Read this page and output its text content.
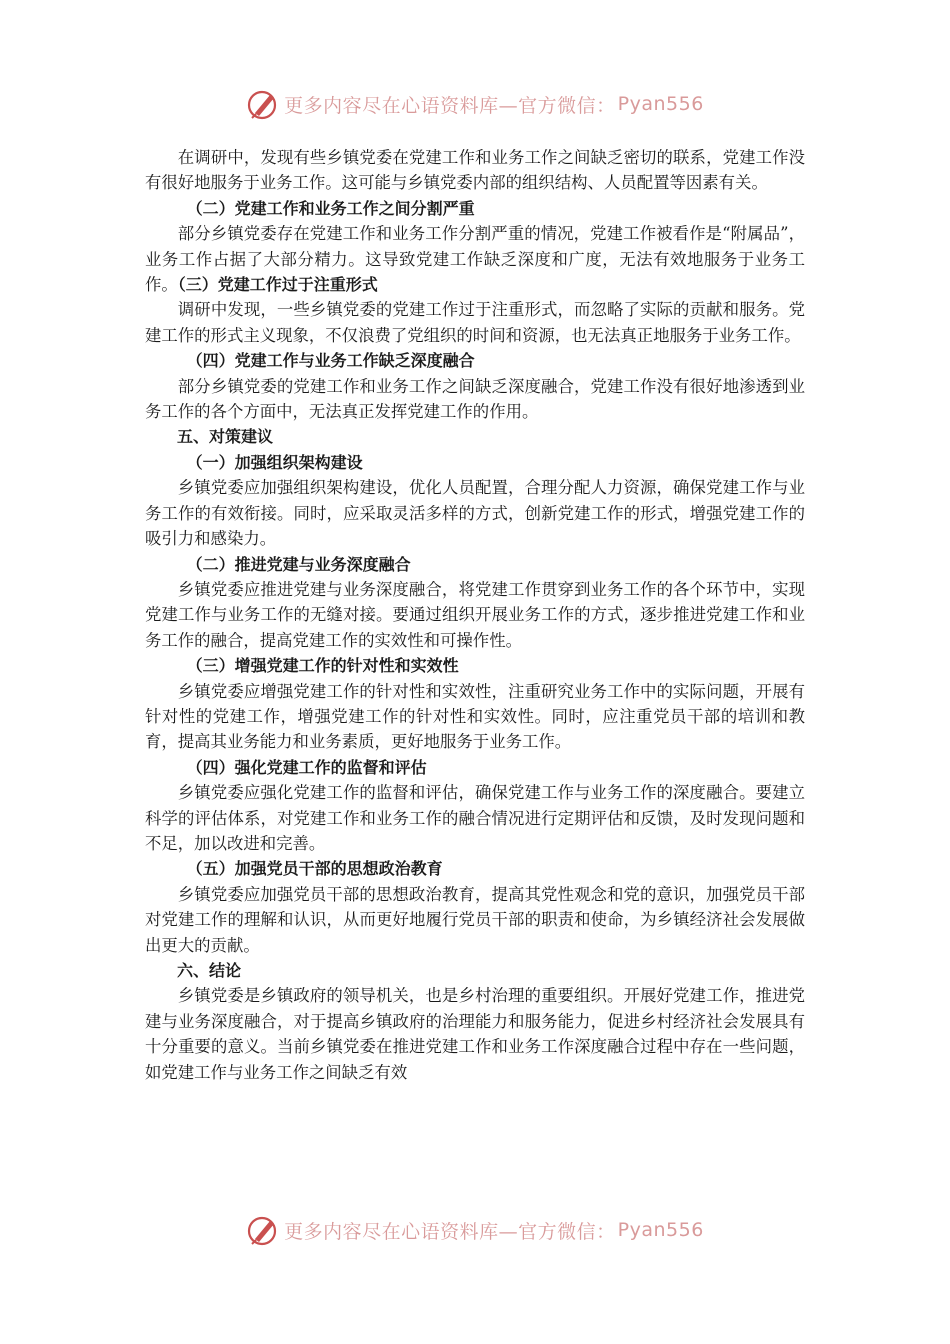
更多内容尽在心语资料库—官方微信： Pyan556

在调研中，发现有些乡镇党委在党建工作和业务工作之间缺乏密切的联系，党建工作没有很好地服务于业务工作。这可能与乡镇党委内部的组织结构、人员配置等因素有关。

（二）党建工作和业务工作之间分割严重

部分乡镇党委存在党建工作和业务工作分割严重的情况，党建工作被看作是“附属品”，业务工作占据了大部分精力。这导致党建工作缺乏深度和广度，无法有效地服务于业务工作。（三）党建工作过于注重形式

调研中发现，一些乡镇党委的党建工作过于注重形式，而忽略了实际的贡献和服务。党建工作的形式主义现象，不仅浪费了党组织的时间和资源，也无法真正地服务于业务工作。

（四）党建工作与业务工作缺乏深度融合

部分乡镇党委的党建工作和业务工作之间缺乏深度融合，党建工作没有很好地渗透到业务工作的各个方面中，无法真正发挥党建工作的作用。

五、对策建议

（一）加强组织架构建设

乡镇党委应加强组织架构建设，优化人员配置，合理分配人力资源，确保党建工作与业务工作的有效衔接。同时，应采取灵活多样的方式，创新党建工作的形式，增强党建工作的吸引力和感染力。

（二）推进党建与业务深度融合

乡镇党委应推进党建与业务深度融合，将党建工作贯穿到业务工作的各个环节中，实现党建工作与业务工作的无缝对接。要通过组织开展业务工作的方式，逐步推进党建工作和业务工作的融合，提高党建工作的实效性和可操作性。

（三）增强党建工作的针对性和实效性

乡镇党委应增强党建工作的针对性和实效性，注重研究业务工作中的实际问题，开展有针对性的党建工作，增强党建工作的针对性和实效性。同时，应注重党员干部的培训和教育，提高其业务能力和业务素质，更好地服务于业务工作。

（四）强化党建工作的监督和评估

乡镇党委应强化党建工作的监督和评估，确保党建工作与业务工作的深度融合。要建立科学的评估体系，对党建工作和业务工作的融合情况进行定期评估和反馈，及时发现问题和不足，加以改进和完善。

（五）加强党员干部的思想政治教育

乡镇党委应加强党员干部的思想政治教育，提高其党性观念和党的意识，加强党员干部对党建工作的理解和认识，从而更好地履行党员干部的职责和使命，为乡镇经济社会发展做出更大的贡献。

六、结论

乡镇党委是乡镇政府的领导机关，也是乡村治理的重要组织。开展好党建工作，推进党建与业务深度融合，对于提高乡镇政府的治理能力和服务能力，促进乡村经济社会发展具有十分重要的意义。当前乡镇党委在推进党建工作和业务工作深度融合过程中存在一些问题，如党建工作与业务工作之间缺乏有效

更多内容尽在心语资料库—官方微信： Pyan556
